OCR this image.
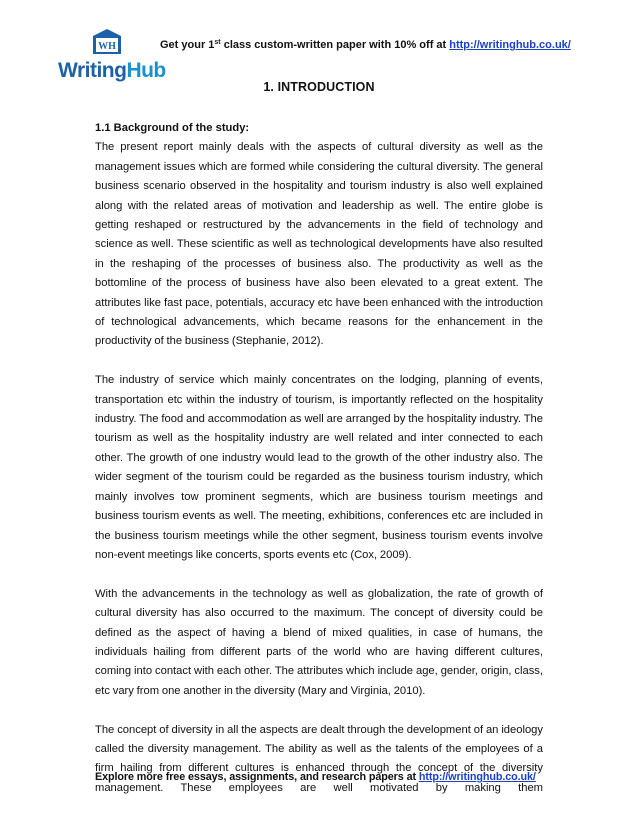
WH
WritingHub
Get your 1st class custom-written paper with 10% off at http://writinghub.co.uk/
1. INTRODUCTION
1.1 Background of the study:

The present report mainly deals with the aspects of cultural diversity as well as the management issues which are formed while considering the cultural diversity. The general business scenario observed in the hospitality and tourism industry is also well explained along with the related areas of motivation and leadership as well. The entire globe is getting reshaped or restructured by the advancements in the field of technology and science as well. These scientific as well as technological developments have also resulted in the reshaping of the processes of business also. The productivity as well as the bottomline of the process of business have also been elevated to a great extent. The attributes like fast pace, potentials, accuracy etc have been enhanced with the introduction of technological advancements, which became reasons for the enhancement in the productivity of the business (Stephanie, 2012).

The industry of service which mainly concentrates on the lodging, planning of events, transportation etc within the industry of tourism, is importantly reflected on the hospitality industry. The food and accommodation as well are arranged by the hospitality industry. The tourism as well as the hospitality industry are well related and inter connected to each other. The growth of one industry would lead to the growth of the other industry also. The wider segment of the tourism could be regarded as the business tourism industry, which mainly involves tow prominent segments, which are business tourism meetings and business tourism events as well. The meeting, exhibitions, conferences etc are included in the business tourism meetings while the other segment, business tourism events involve non-event meetings like concerts, sports events etc (Cox, 2009).

With the advancements in the technology as well as globalization, the rate of growth of cultural diversity has also occurred to the maximum. The concept of diversity could be defined as the aspect of having a blend of mixed qualities, in case of humans, the individuals hailing from different parts of the world who are having different cultures, coming into contact with each other. The attributes which include age, gender, origin, class, etc vary from one another in the diversity (Mary and Virginia, 2010).

The concept of diversity in all the aspects are dealt through the development of an ideology called the diversity management. The ability as well as the talents of the employees of a firm hailing from different cultures is enhanced through the concept of the diversity management. These employees are well motivated by making them

Explore more free essays, assignments, and research papers at http://writinghub.co.uk/
